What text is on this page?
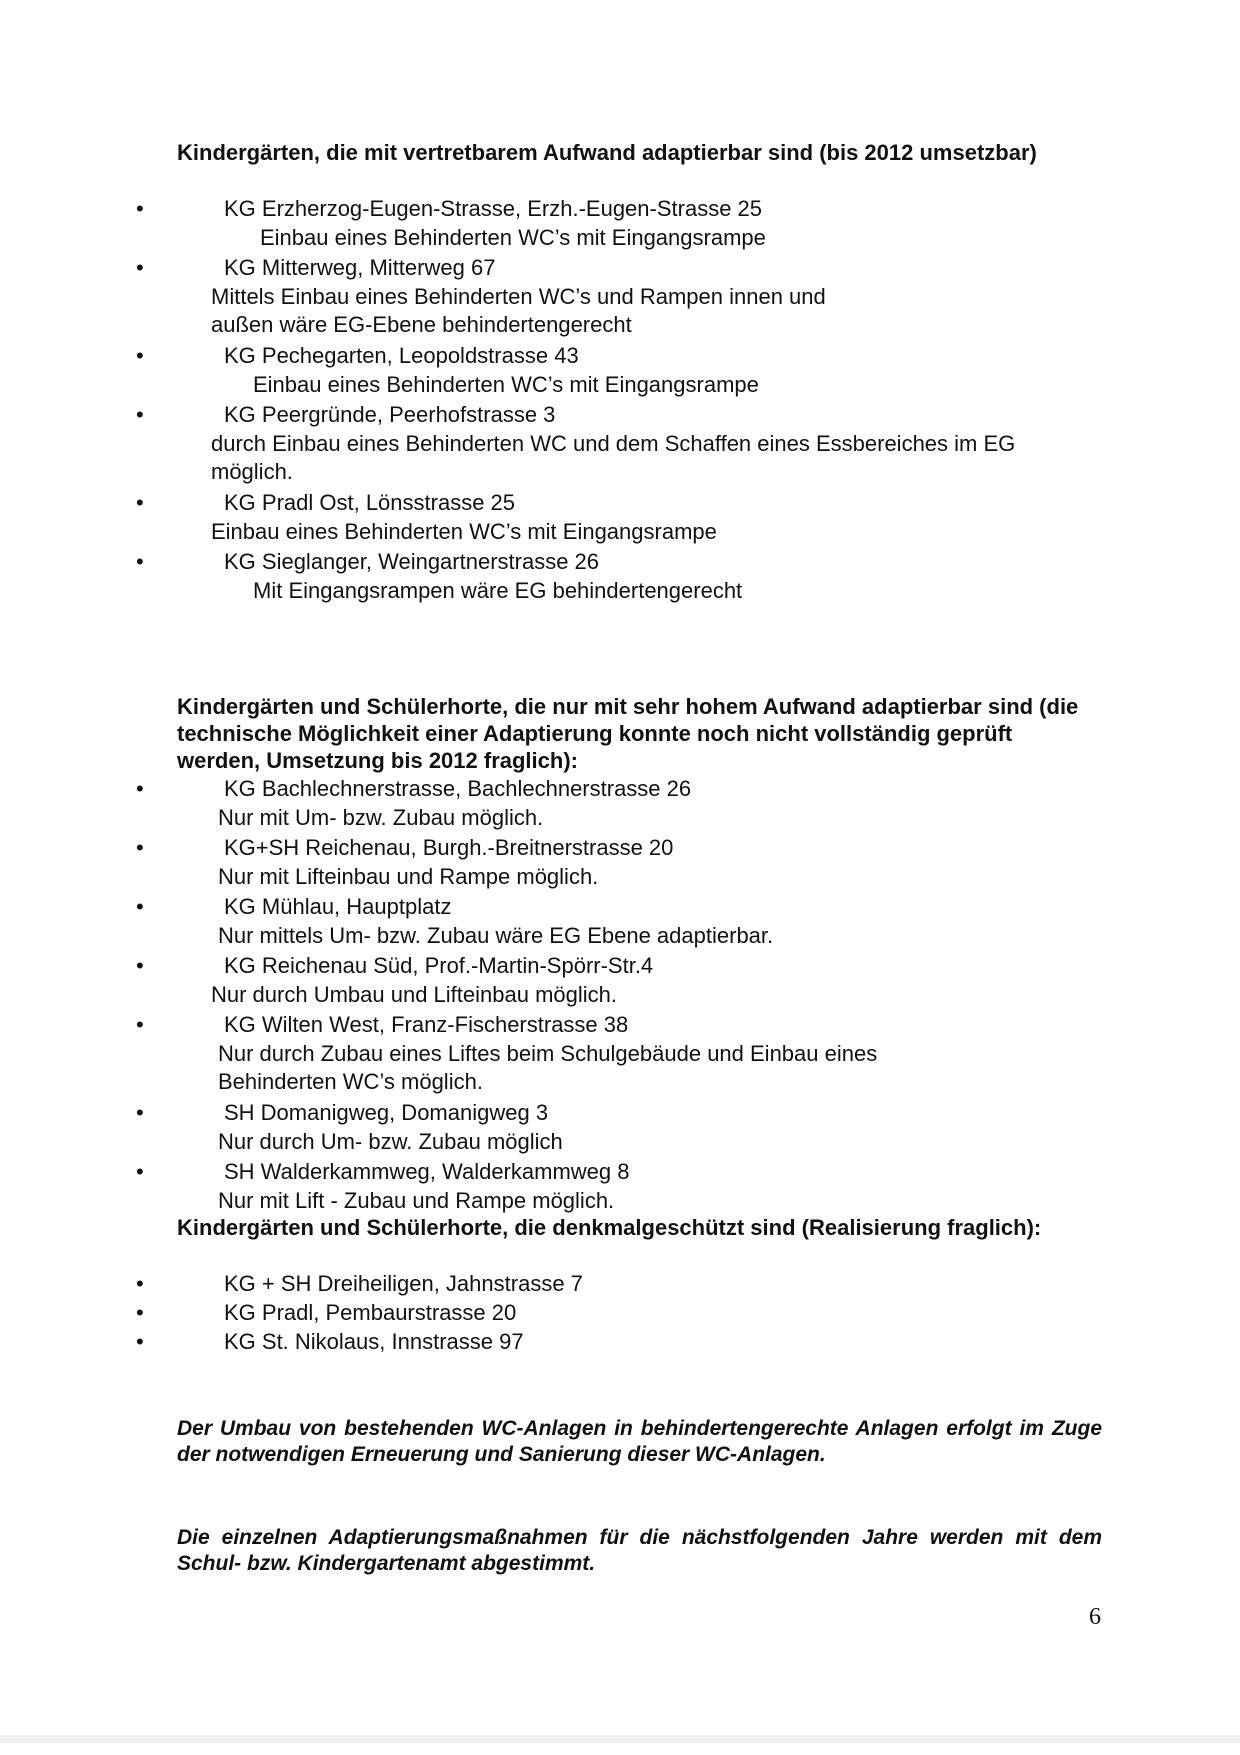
Kindergärten, die mit vertretbarem Aufwand adaptierbar sind (bis 2012 umsetzbar)
•	KG Erzherzog-Eugen-Strasse, Erzh.-Eugen-Strasse 25
Einbau eines Behinderten WC’s mit Eingangsrampe
•	KG Mitterweg, Mitterweg 67
Mittels Einbau eines Behinderten WC’s und Rampen innen und außen wäre EG-Ebene behindertengerecht
•	KG Pechegarten, Leopoldstrasse 43
Einbau eines Behinderten WC’s mit Eingangsrampe
•	KG Peergründe, Peerhofstrasse 3
durch Einbau eines Behinderten WC und dem Schaffen eines Essbereiches im EG möglich.
•	KG Pradl Ost, Lönsstrasse 25
Einbau eines Behinderten WC’s mit Eingangsrampe
•	KG Sieglanger, Weingartnerstrasse 26
Mit Eingangsrampen wäre EG behindertengerecht
Kindergärten und Schülerhorte, die nur mit sehr hohem Aufwand adaptierbar sind (die technische Möglichkeit einer Adaptierung konnte noch nicht vollständig geprüft werden, Umsetzung bis 2012 fraglich):
•	KG Bachlechnerstrasse, Bachlechnerstrasse 26
Nur mit Um- bzw. Zubau möglich.
•	KG+SH Reichenau, Burgh.-Breitnerstrasse 20
Nur mit Lifteinbau und Rampe möglich.
•	KG Mühlau, Hauptplatz
Nur mittels Um- bzw. Zubau wäre EG Ebene adaptierbar.
•	KG Reichenau Süd, Prof.-Martin-Spörr-Str.4
Nur durch Umbau und Lifteinbau möglich.
•	KG Wilten West, Franz-Fischerstrasse 38
Nur durch Zubau eines Liftes beim Schulgebäude und Einbau eines Behinderten WC’s möglich.
•	SH Domanigweg, Domanigweg 3
Nur durch Um- bzw. Zubau möglich
•	SH Walderkammweg, Walderkammweg 8
Nur mit Lift - Zubau und Rampe möglich.
Kindergärten und Schülerhorte, die denkmalgeschützt sind (Realisierung fraglich):
•	KG + SH Dreiheiligen, Jahnstrasse 7
•	KG Pradl, Pembaurstrasse 20
•	KG St. Nikolaus, Innstrasse 97

Der Umbau von bestehenden WC-Anlagen in behindertengerechte Anlagen erfolgt im Zuge der notwendigen Erneuerung und Sanierung dieser WC-Anlagen.

Die einzelnen Adaptierungsmaßnahmen für die nächstfolgenden Jahre werden mit dem Schul- bzw. Kindergartenamt abgestimmt.

6
